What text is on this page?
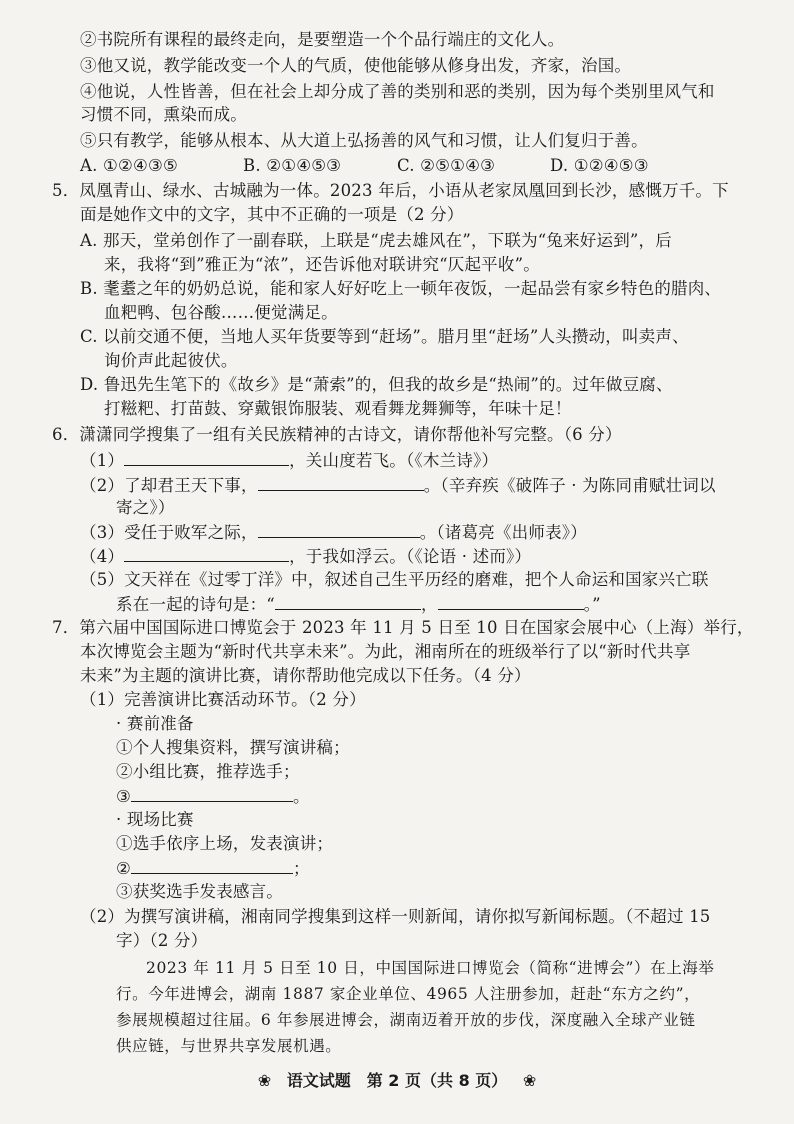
②书院所有课程的最终走向，是要塑造一个个品行端庄的文化人。
③他又说，教学能改变一个人的气质，使他能够从修身出发，齐家，治国。
④他说，人性皆善，但在社会上却分成了善的类别和恶的类别，因为每个类别里风气和
习惯不同，熏染而成。
⑤只有教学，能够从根本、从大道上弘扬善的风气和习惯，让人们复归于善。
A. ①②④③⑤	B. ②①④⑤③	C. ②⑤①④③	D. ①②④⑤③
5．凤凰青山、绿水、古城融为一体。2023 年后，小语从老家凤凰回到长沙，感慨万千。下
面是她作文中的文字，其中不正确的一项是（2 分）
A. 那天，堂弟创作了一副春联，上联是“虎去雄风在”，下联为“兔来好运到”，后
来，我将“到”雅正为“浓”，还告诉他对联讲究“仄起平收”。
B. 耄耋之年的奶奶总说，能和家人好好吃上一顿年夜饭，一起品尝有家乡特色的腊肉、
血粑鸭、包谷酸……便觉满足。
C. 以前交通不便，当地人买年货要等到“赶场”。腊月里“赶场”人头攒动，叫卖声、
询价声此起彼伏。
D. 鲁迅先生笔下的《故乡》是“萧索”的，但我的故乡是“热闹”的。过年做豆腐、
打糍粑、打苗鼓、穿戴银饰服装、观看舞龙舞狮等，年味十足！
6．潇潇同学搜集了一组有关民族精神的古诗文，请你帮他补写完整。（6 分）
（1）	，关山度若飞。（《木兰诗》）
（2）了却君王天下事，	。（辛弃疾《破阵子 · 为陈同甫赋壮词以
寄之》）
（3）受任于败军之际，	。（诸葛亮《出师表》）
（4）	，于我如浮云。（《论语 · 述而》）
（5）文天祥在《过零丁洋》中，叙述自己生平历经的磨难，把个人命运和国家兴亡联
系在一起的诗句是：“	，	。”
7．第六届中国国际进口博览会于 2023 年 11 月 5 日至 10 日在国家会展中心（上海）举行，
本次博览会主题为“新时代共享未来”。为此，湘南所在的班级举行了以“新时代共享
未来”为主题的演讲比赛，请你帮助他完成以下任务。（4 分）
（1）完善演讲比赛活动环节。（2 分）
· 赛前准备
①个人搜集资料，撰写演讲稿；
②小组比赛，推荐选手；
③	。
· 现场比赛
①选手依序上场，发表演讲；
②	；
③获奖选手发表感言。
（2）为撰写演讲稿，湘南同学搜集到这样一则新闻，请你拟写新闻标题。（不超过 15
字）（2 分）
2023 年 11 月 5 日至 10 日，中国国际进口博览会（简称“进博会”）在上海举
行。今年进博会，湖南 1887 家企业单位、4965 人注册参加，赶赴“东方之约”，
参展规模超过往届。6 年参展进博会，湖南迈着开放的步伐，深度融入全球产业链
供应链，与世界共享发展机遇。
❀ 语文试题　第 2 页（共 8 页） ❀
